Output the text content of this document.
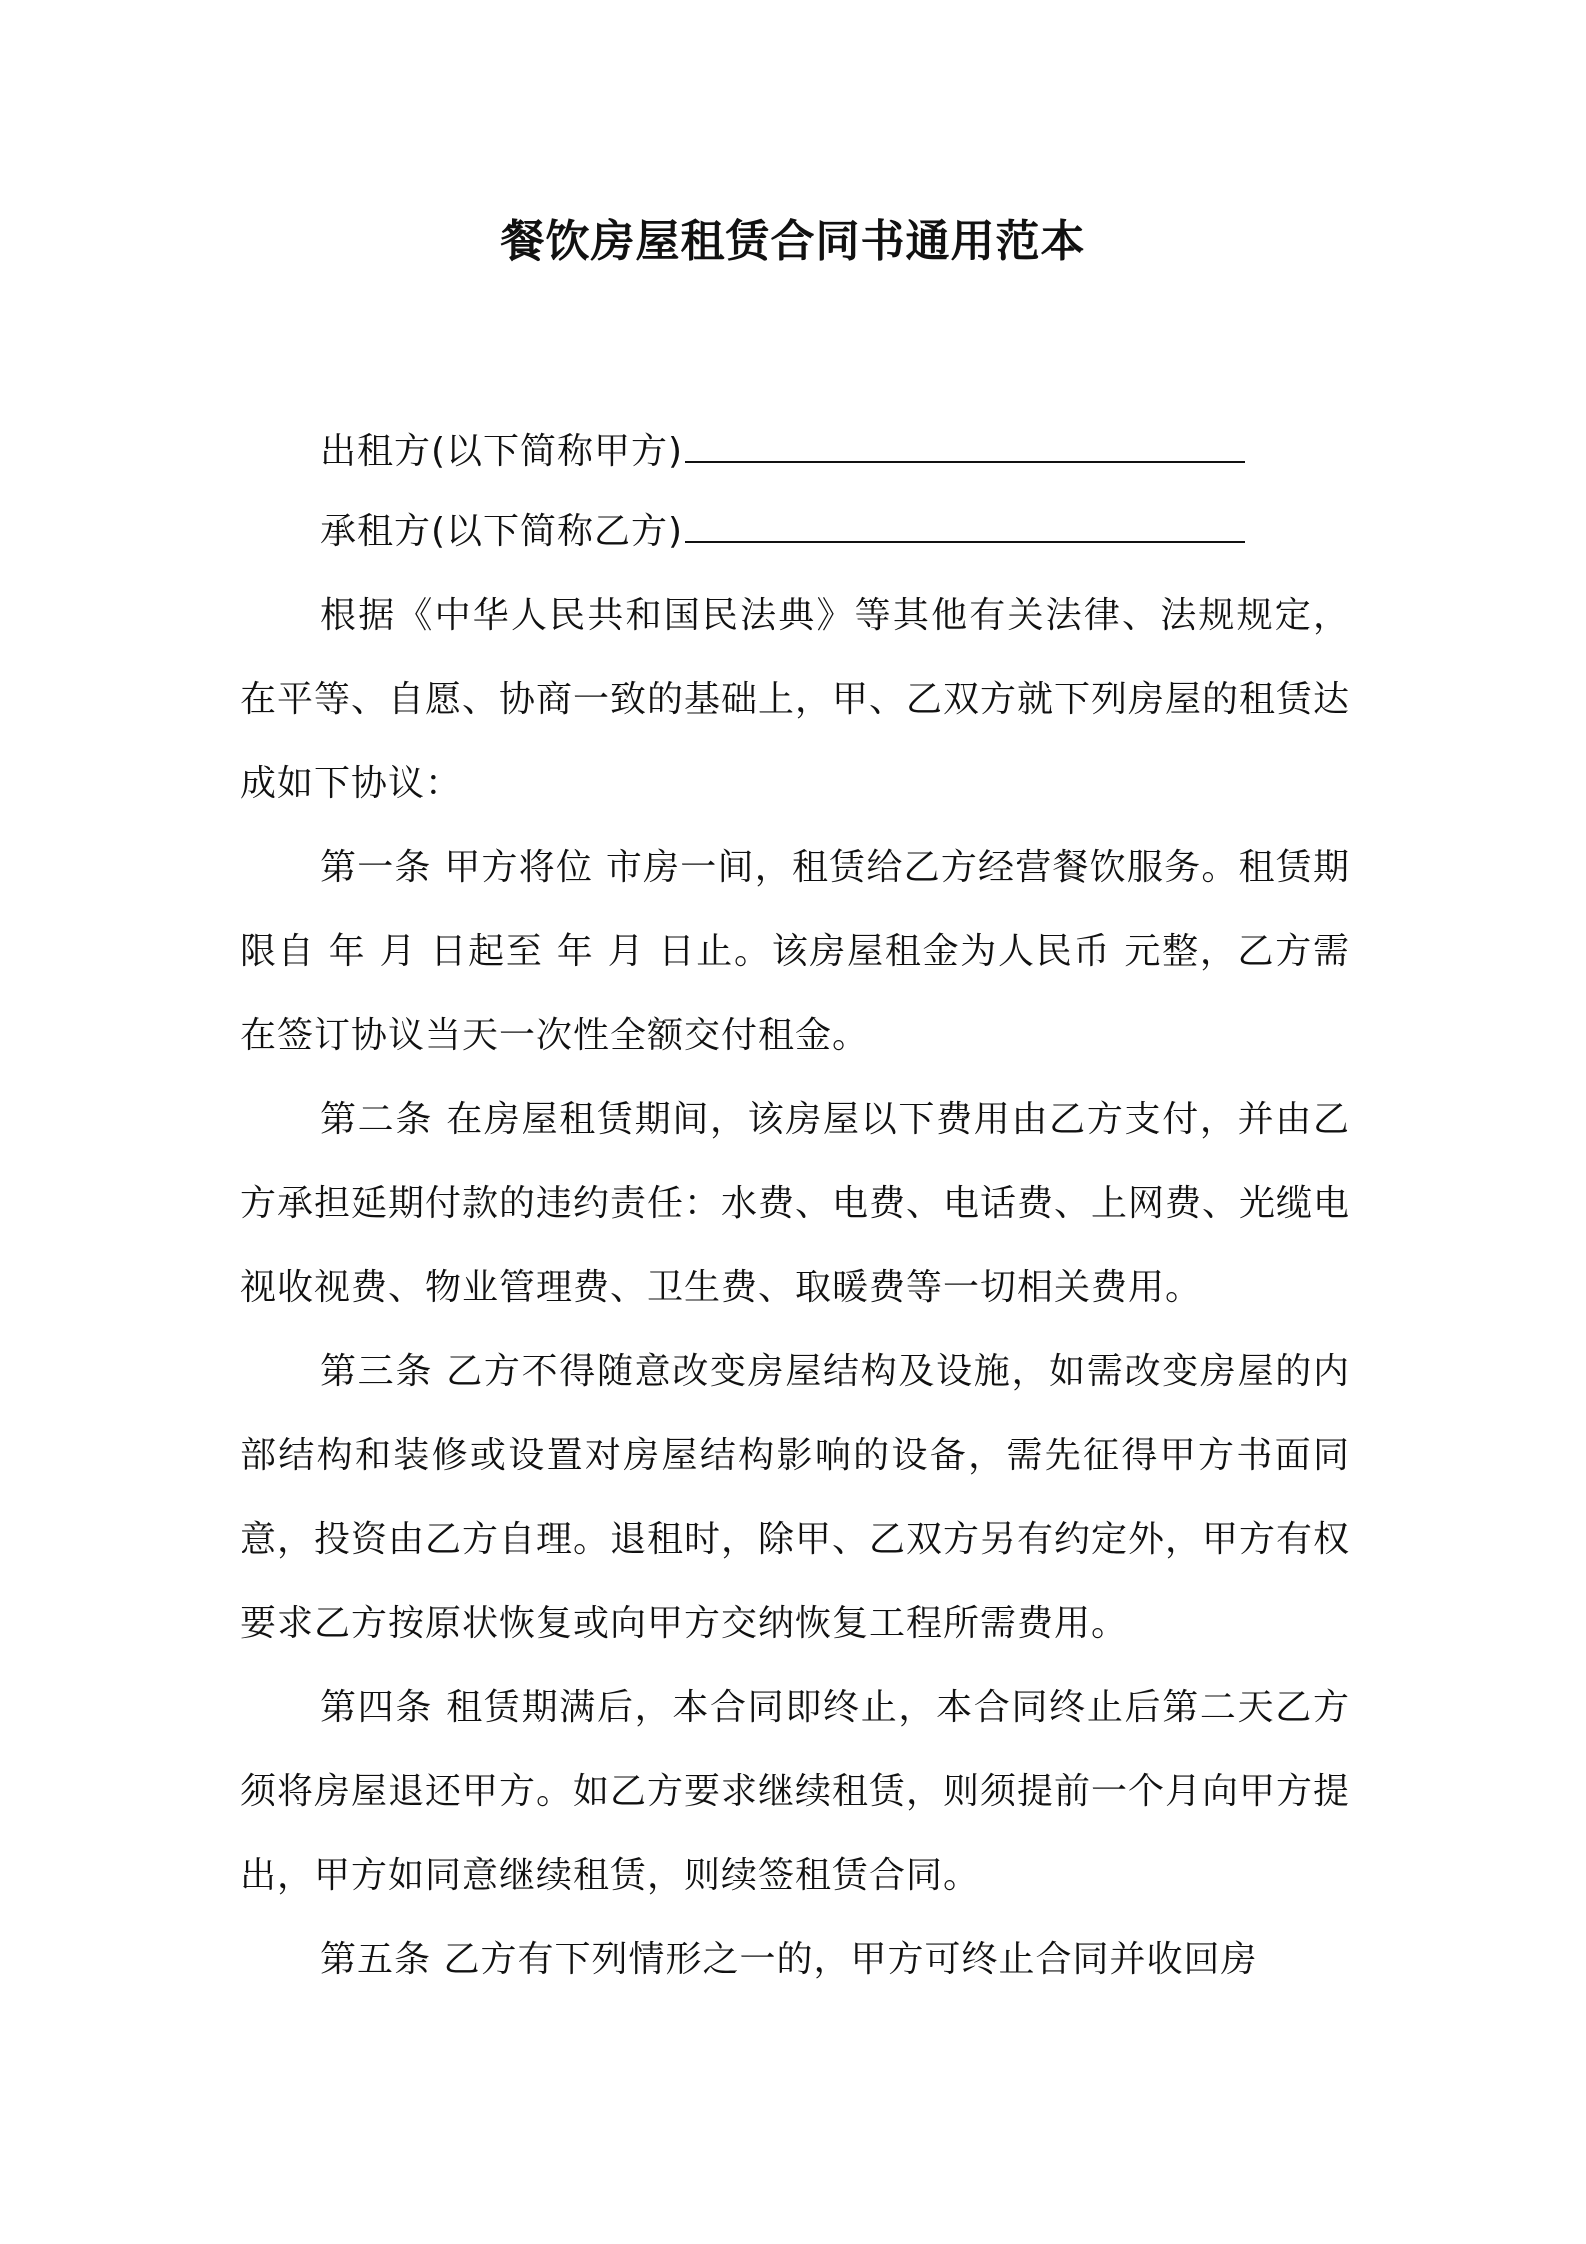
餐饮房屋租赁合同书通用范本

出租方(以下简称甲方)

承租方(以下简称乙方)

根据《中华人民共和国民法典》等其他有关法律、法规规定，在平等、自愿、协商一致的基础上，甲、乙双方就下列房屋的租赁达成如下协议：

第一条 甲方将位 市房一间，租赁给乙方经营餐饮服务。租赁期限自 年 月 日起至 年 月 日止。该房屋租金为人民币 元整，乙方需在签订协议当天一次性全额交付租金。

第二条 在房屋租赁期间，该房屋以下费用由乙方支付，并由乙方承担延期付款的违约责任：水费、电费、电话费、上网费、光缆电视收视费、物业管理费、卫生费、取暖费等一切相关费用。

第三条 乙方不得随意改变房屋结构及设施，如需改变房屋的内部结构和装修或设置对房屋结构影响的设备，需先征得甲方书面同意，投资由乙方自理。退租时，除甲、乙双方另有约定外，甲方有权要求乙方按原状恢复或向甲方交纳恢复工程所需费用。

第四条 租赁期满后，本合同即终止，本合同终止后第二天乙方须将房屋退还甲方。如乙方要求继续租赁，则须提前一个月向甲方提出，甲方如同意继续租赁，则续签租赁合同。

第五条 乙方有下列情形之一的，甲方可终止合同并收回房
